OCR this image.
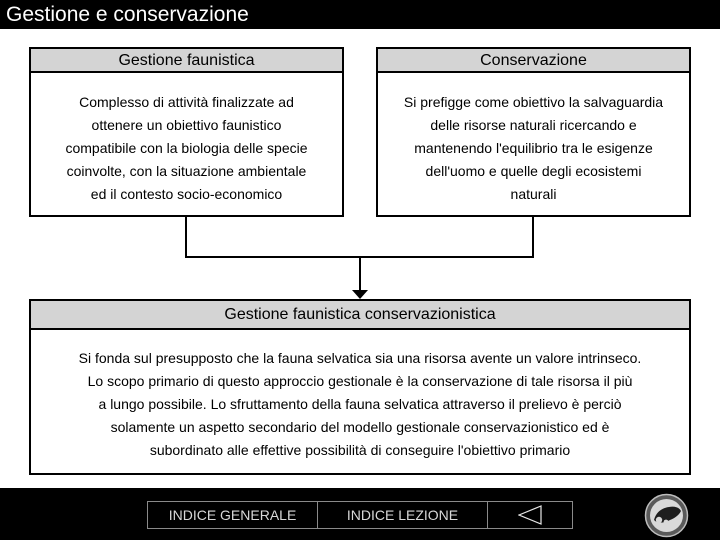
Gestione e conservazione
Gestione faunistica
Complesso di attività finalizzate ad
ottenere un obiettivo faunistico
compatibile con la biologia delle specie
coinvolte, con la situazione ambientale
ed il contesto socio-economico
Conservazione
Si prefigge come obiettivo la salvaguardia
delle risorse naturali ricercando e
mantenendo l'equilibrio tra le esigenze
dell'uomo e quelle degli ecosistemi
naturali
Gestione faunistica conservazionistica
Si fonda sul presupposto che la fauna selvatica sia una risorsa avente un valore intrinseco.
Lo scopo primario di questo approccio gestionale è la conservazione di tale risorsa il più
a lungo possibile. Lo sfruttamento della fauna selvatica attraverso il prelievo è perciò
solamente un aspetto secondario del modello gestionale conservazionistico ed è
subordinato alle effettive possibilità di conseguire l'obiettivo primario
INDICE GENERALE	INDICE LEZIONE
